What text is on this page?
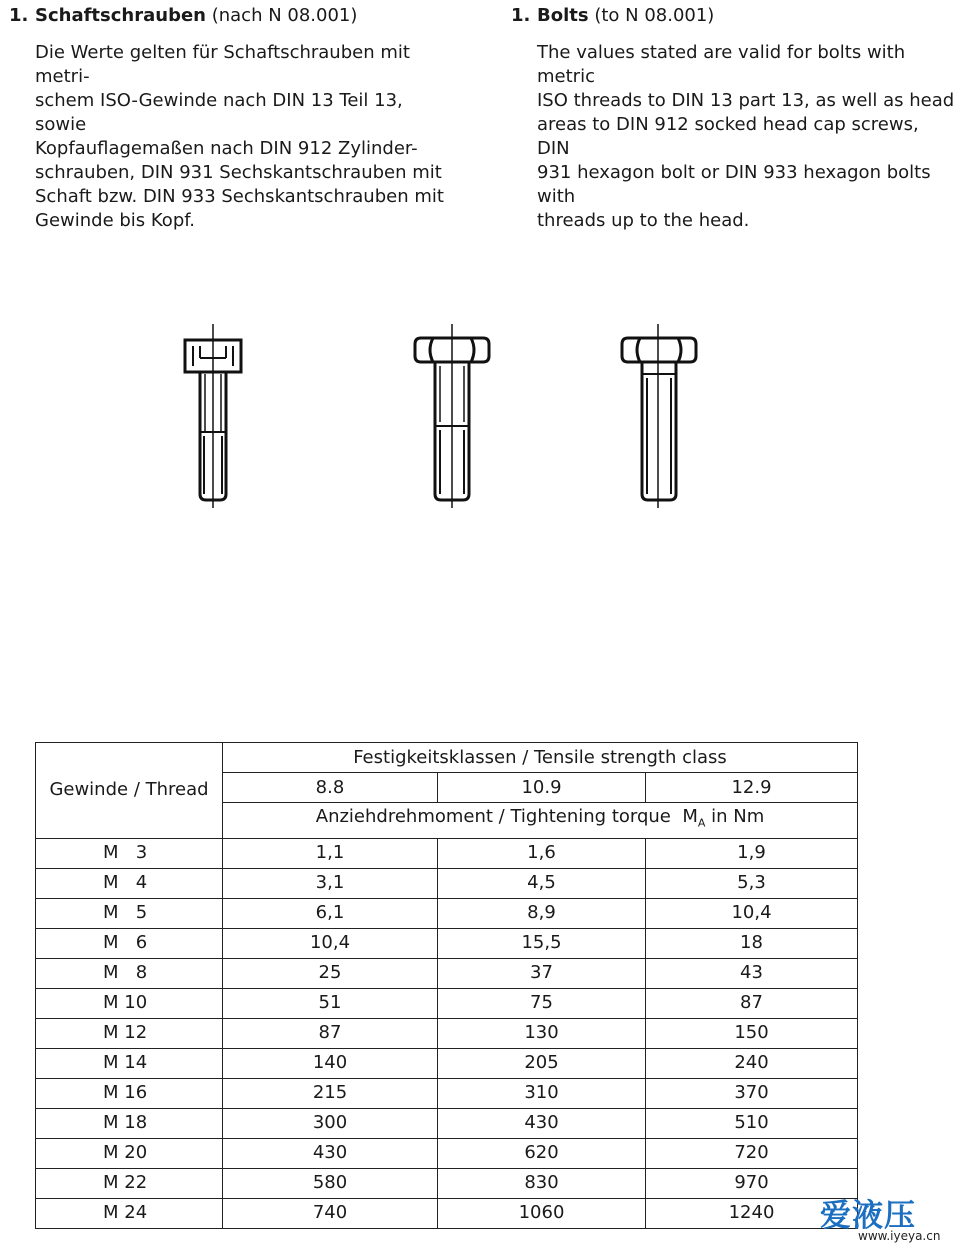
1. Schaftschrauben (nach N 08.001)

Die Werte gelten für Schaftschrauben mit metri-
schem ISO-Gewinde nach DIN 13 Teil 13, sowie
Kopfauflagemaßen nach DIN 912 Zylinder-
schrauben, DIN 931 Sechskantschrauben mit
Schaft bzw. DIN 933 Sechskantschrauben mit
Gewinde bis Kopf.

1. Bolts (to N 08.001)

The values stated are valid for bolts with metric
ISO threads to DIN 13 part 13, as well as head
areas to DIN 912 socked head cap screws, DIN
931 hexagon bolt or DIN 933 hexagon bolts with
threads up to the head.

Gewinde / Thread	Festigkeitsklassen / Tensile strength class		
	8.8	10.9	12.9
	Anziehdrehmoment / Tightening torque  $M_A$ in Nm		
M   3	1,1	1,6	1,9
M   4	3,1	4,5	5,3
M   5	6,1	8,9	10,4
M   6	10,4	15,5	18
M   8	25	37	43
M 10	51	75	87
M 12	87	130	150
M 14	140	205	240
M 16	215	310	370
M 18	300	430	510
M 20	430	620	720
M 22	580	830	970
M 24	740	1060	1240 爱液压
www.iyeya.cn
